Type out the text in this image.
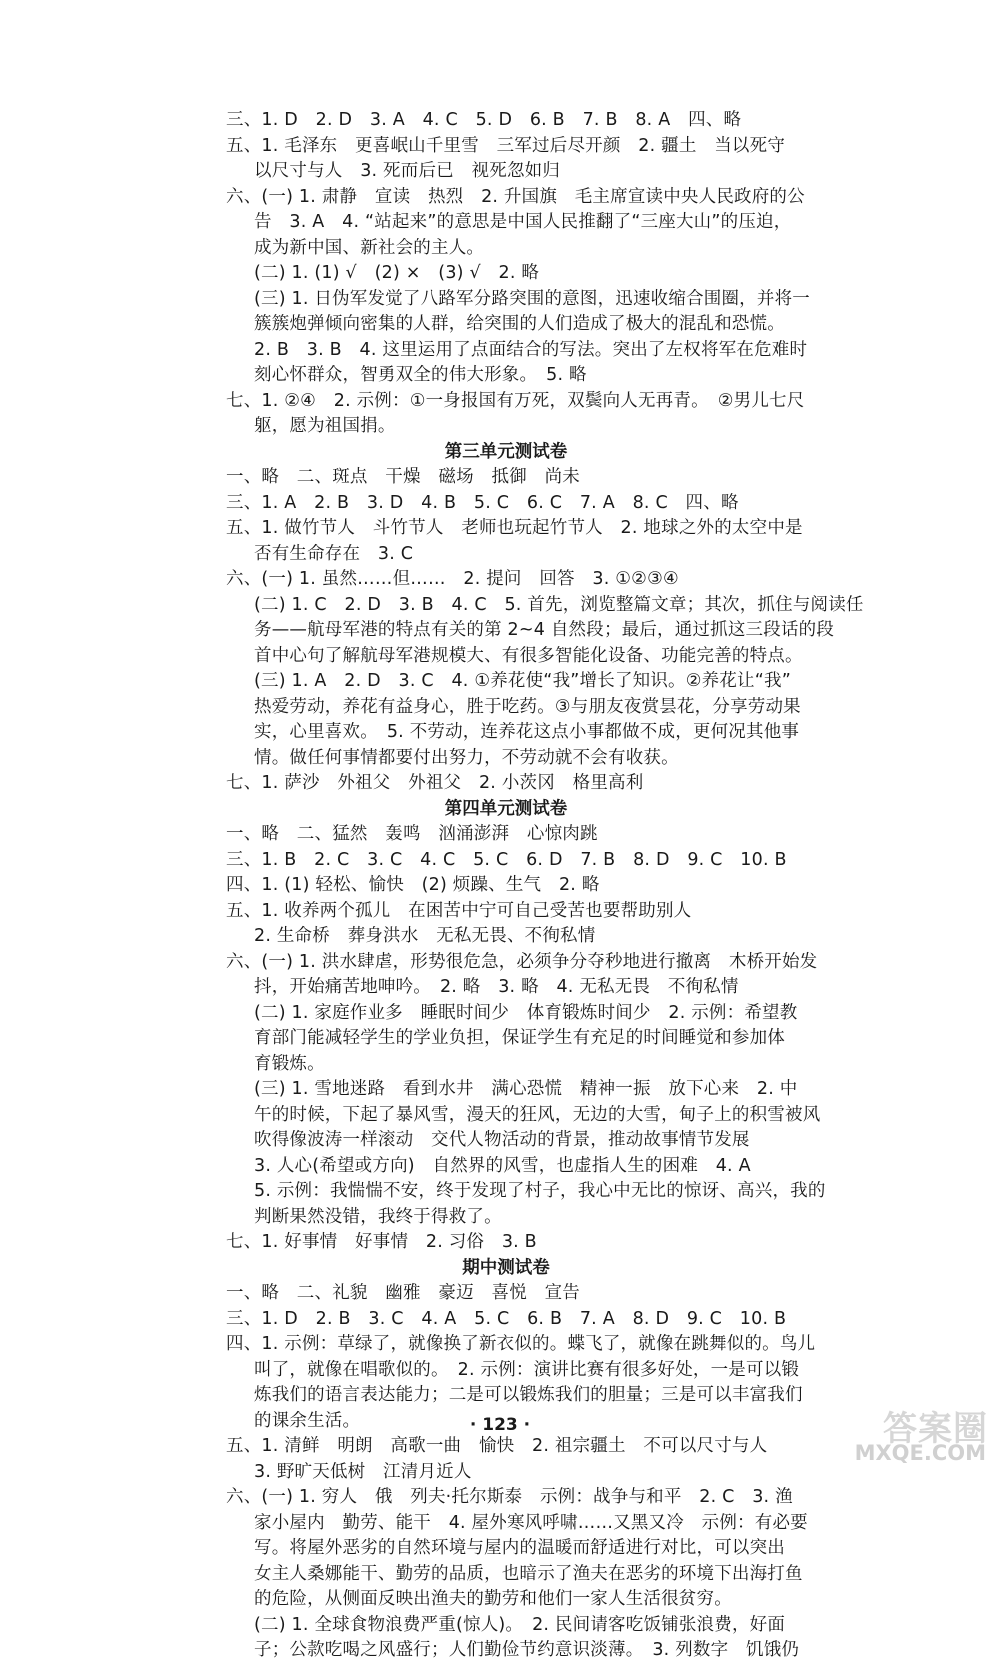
三、1. D　2. D　3. A　4. C　5. D　6. B　7. B　8. A　四、略
五、1. 毛泽东　更喜岷山千里雪　三军过后尽开颜　2. 疆土　当以死守
以尺寸与人　3. 死而后已　视死忽如归
六、(一) 1. 肃静　宣读　热烈　2. 升国旗　毛主席宣读中央人民政府的公
告　3. A　4. “站起来”的意思是中国人民推翻了“三座大山”的压迫，
成为新中国、新社会的主人。
(二) 1. (1) √　(2) ×　(3) √　2. 略
(三) 1. 日伪军发觉了八路军分路突围的意图，迅速收缩合围圈，并将一
簇簇炮弹倾向密集的人群，给突围的人们造成了极大的混乱和恐慌。
2. B　3. B　4. 这里运用了点面结合的写法。突出了左权将军在危难时
刻心怀群众，智勇双全的伟大形象。　5. 略
七、1. ②④　2. 示例：①一身报国有万死，双鬓向人无再青。　②男儿七尺
躯，愿为祖国捐。
第三单元测试卷
一、略　二、斑点　干燥　磁场　抵御　尚未
三、1. A　2. B　3. D　4. B　5. C　6. C　7. A　8. C　四、略
五、1. 做竹节人　斗竹节人　老师也玩起竹节人　2. 地球之外的太空中是
否有生命存在　3. C
六、(一) 1. 虽然……但……　2. 提问　回答　3. ①②③④
(二) 1. C　2. D　3. B　4. C　5. 首先，浏览整篇文章；其次，抓住与阅读任
务——航母军港的特点有关的第 2~4 自然段；最后，通过抓这三段话的段
首中心句了解航母军港规模大、有很多智能化设备、功能完善的特点。
(三) 1. A　2. D　3. C　4. ①养花使“我”增长了知识。②养花让“我”
热爱劳动，养花有益身心，胜于吃药。③与朋友夜赏昙花，分享劳动果
实，心里喜欢。　5. 不劳动，连养花这点小事都做不成，更何况其他事
情。做任何事情都要付出努力，不劳动就不会有收获。
七、1. 萨沙　外祖父　外祖父　2. 小茨冈　格里高利
第四单元测试卷
一、略　二、猛然　轰鸣　汹涌澎湃　心惊肉跳
三、1. B　2. C　3. C　4. C　5. C　6. D　7. B　8. D　9. C　10. B
四、1. (1) 轻松、愉快　(2) 烦躁、生气　2. 略
五、1. 收养两个孤儿　在困苦中宁可自己受苦也要帮助别人
2. 生命桥　葬身洪水　无私无畏、不徇私情
六、(一) 1. 洪水肆虐，形势很危急，必须争分夺秒地进行撤离　木桥开始发
抖，开始痛苦地呻吟。　2. 略　3. 略　4. 无私无畏　不徇私情
(二) 1. 家庭作业多　睡眠时间少　体育锻炼时间少　2. 示例：希望教
育部门能减轻学生的学业负担，保证学生有充足的时间睡觉和参加体
育锻炼。
(三) 1. 雪地迷路　看到水井　满心恐慌　精神一振　放下心来　2. 中
午的时候，下起了暴风雪，漫天的狂风，无边的大雪，甸子上的积雪被风
吹得像波涛一样滚动　交代人物活动的背景，推动故事情节发展
3. 人心(希望或方向)　自然界的风雪，也虚指人生的困难　4. A
5. 示例：我惴惴不安，终于发现了村子，我心中无比的惊讶、高兴，我的
判断果然没错，我终于得救了。
七、1. 好事情　好事情　2. 习俗　3. B
期中测试卷
一、略　二、礼貌　幽雅　豪迈　喜悦　宣告
三、1. D　2. B　3. C　4. A　5. C　6. B　7. A　8. D　9. C　10. B
四、1. 示例：草绿了，就像换了新衣似的。蝶飞了，就像在跳舞似的。鸟儿
叫了，就像在唱歌似的。　2. 示例：演讲比赛有很多好处，一是可以锻
炼我们的语言表达能力；二是可以锻炼我们的胆量；三是可以丰富我们
的课余生活。
五、1. 清鲜　明朗　高歌一曲　愉快　2. 祖宗疆土　不可以尺寸与人
3. 野旷天低树　江清月近人
六、(一) 1. 穷人　俄　列夫·托尔斯泰　示例：战争与和平　2. C　3. 渔
家小屋内　勤劳、能干　4. 屋外寒风呼啸……又黑又冷　示例：有必要
写。将屋外恶劣的自然环境与屋内的温暖而舒适进行对比，可以突出
女主人桑娜能干、勤劳的品质，也暗示了渔夫在恶劣的环境下出海打鱼
的危险，从侧面反映出渔夫的勤劳和他们一家人生活很贫穷。
(二) 1. 全球食物浪费严重(惊人)。　2. 民间请客吃饭铺张浪费，好面
子；公款吃喝之风盛行；人们勤俭节约意识淡薄。　3. 列数字　饥饿仍
· 123 ·	答案圈
MXQE.COM
